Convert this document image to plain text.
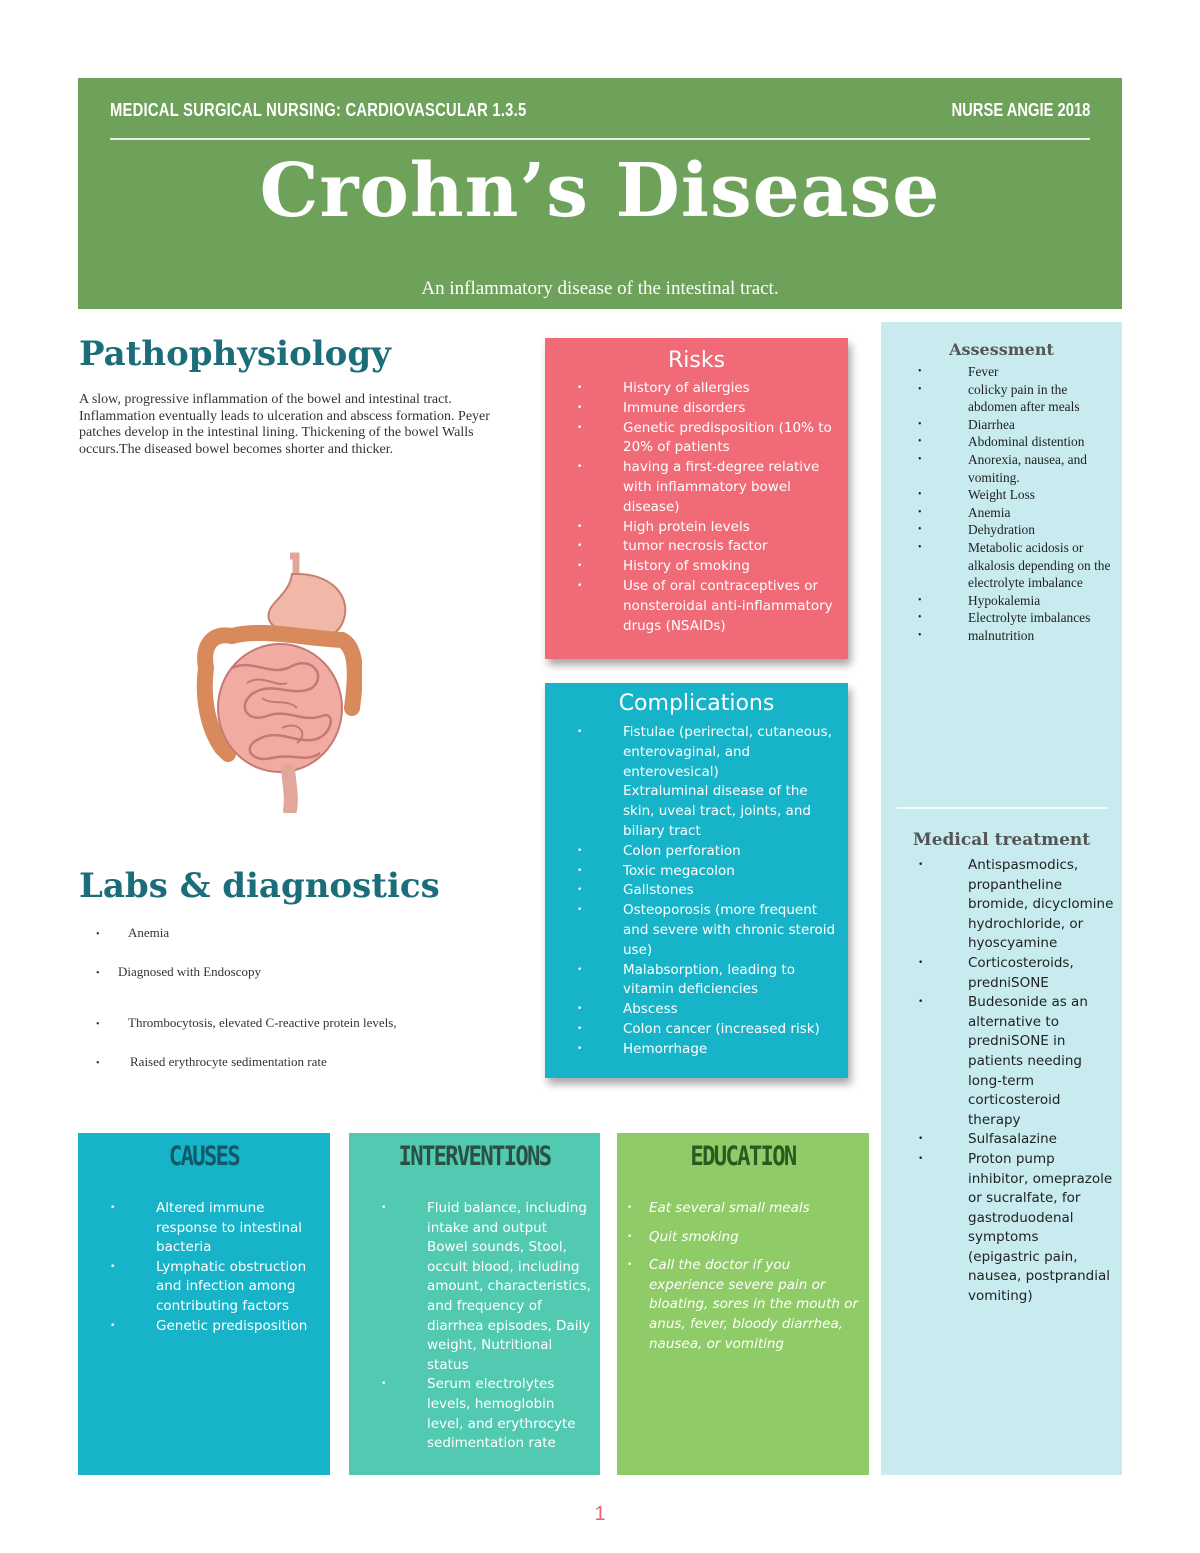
MEDICAL SURGICAL NURSING: CARDIOVASCULAR 1.3.5	NURSE ANGIE 2018
Crohn’s Disease
An inflammatory disease of the intestinal tract.
Pathophysiology

A slow, progressive inflammation of the bowel and intestinal tract. Inflammation eventually leads to ulceration and abscess formation. Peyer patches develop in the intestinal lining. Thickening of the bowel Walls occurs.The diseased bowel becomes shorter and thicker.

Labs & diagnostics
• Anemia
• Diagnosed with Endoscopy
• Thrombocytosis, elevated C-reactive protein levels,
• Raised erythrocyte sedimentation rate
Risks
•	History of allergies
•	Immune disorders
•	Genetic predisposition (10% to 20% of patients
•	having a first-degree relative with inflammatory bowel disease)
•	High protein levels
•	tumor necrosis factor
•	History of smoking
•	Use of oral contraceptives or nonsteroidal anti-inflammatory drugs (NSAIDs)
Complications
•	Fistulae (perirectal, cutaneous, enterovaginal, and enterovesical)
Extraluminal disease of the skin, uveal tract, joints, and biliary tract
•	Colon perforation
•	Toxic megacolon
•	Gallstones
•	Osteoporosis (more frequent and severe with chronic steroid use)
•	Malabsorption, leading to vitamin deficiencies
•	Abscess
•	Colon cancer (increased risk)
•	Hemorrhage
Assessment
•	Fever
•	colicky pain in the abdomen after meals
•	Diarrhea
•	Abdominal distention
•	Anorexia, nausea, and vomiting.
•	Weight Loss
•	Anemia
•	Dehydration
•	Metabolic acidosis or alkalosis depending on the electrolyte imbalance
•	Hypokalemia
•	Electrolyte imbalances
•	malnutrition
Medical treatment
•	Antispasmodics, propantheline bromide, dicyclomine hydrochloride, or hyoscyamine
•	Corticosteroids, predniSONE
•	Budesonide as an alternative to predniSONE in patients needing long-term corticosteroid therapy
•	Sulfasalazine
•	Proton pump inhibitor, omeprazole or sucralfate, for gastroduodenal symptoms (epigastric pain, nausea, postprandial vomiting)
CAUSES
•	Altered immune response to intestinal bacteria
•	Lymphatic obstruction and infection among contributing factors
•	Genetic predisposition
INTERVENTIONS
•	Fluid balance, including intake and output
Bowel sounds, Stool, occult blood, including amount, characteristics, and frequency of diarrhea episodes, Daily weight, Nutritional status
•	Serum electrolytes levels, hemoglobin level, and erythrocyte sedimentation rate
EDUCATION
• Eat several small meals
• Quit smoking
• Call the doctor if you experience severe pain or bloating, sores in the mouth or anus, fever, bloody diarrhea, nausea, or vomiting
1
